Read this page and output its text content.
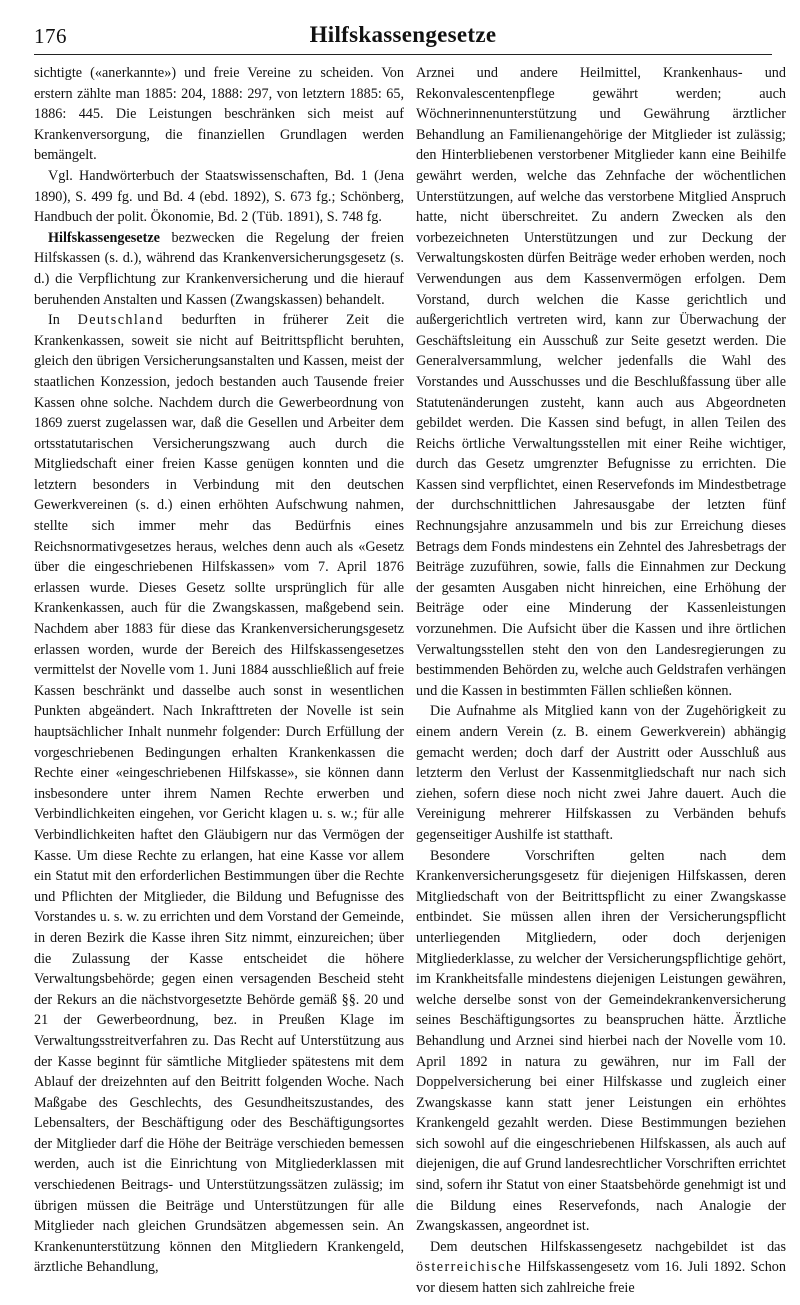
176	Hilfskassengesetze

sichtigte («anerkannte») und freie Vereine zu scheiden. Von erstern zählte man 1885: 204, 1888: 297, von letztern 1885: 65, 1886: 445. Die Leistungen beschränken sich meist auf Krankenversorgung, die finanziellen Grundlagen werden bemängelt.

Vgl. Handwörterbuch der Staatswissenschaften, Bd. 1 (Jena 1890), S. 499 fg. und Bd. 4 (ebd. 1892), S. 673 fg.; Schönberg, Handbuch der polit. Ökonomie, Bd. 2 (Tüb. 1891), S. 748 fg.

Hilfskassengesetze bezwecken die Regelung der freien Hilfskassen (s. d.), während das Krankenversicherungsgesetz (s. d.) die Verpflichtung zur Krankenversicherung und die hierauf beruhenden Anstalten und Kassen (Zwangskassen) behandelt.

In Deutschland bedurften in früherer Zeit die Krankenkassen, soweit sie nicht auf Beitrittspflicht beruhten, gleich den übrigen Versicherungsanstalten und Kassen, meist der staatlichen Konzession, jedoch bestanden auch Tausende freier Kassen ohne solche. Nachdem durch die Gewerbeordnung von 1869 zuerst zugelassen war, daß die Gesellen und Arbeiter dem ortsstatutarischen Versicherungszwang auch durch die Mitgliedschaft einer freien Kasse genügen konnten und die letztern besonders in Verbindung mit den deutschen Gewerkvereinen (s. d.) einen erhöhten Aufschwung nahmen, stellte sich immer mehr das Bedürfnis eines Reichsnormativgesetzes heraus, welches denn auch als «Gesetz über die eingeschriebenen Hilfskassen» vom 7. April 1876 erlassen wurde. Dieses Gesetz sollte ursprünglich für alle Krankenkassen, auch für die Zwangskassen, maßgebend sein. Nachdem aber 1883 für diese das Krankenversicherungsgesetz erlassen worden, wurde der Bereich des Hilfskassengesetzes vermittelst der Novelle vom 1. Juni 1884 ausschließlich auf freie Kassen beschränkt und dasselbe auch sonst in wesentlichen Punkten abgeändert. Nach Inkrafttreten der Novelle ist sein hauptsächlicher Inhalt nunmehr folgender: Durch Erfüllung der vorgeschriebenen Bedingungen erhalten Krankenkassen die Rechte einer «eingeschriebenen Hilfskasse», sie können dann insbesondere unter ihrem Namen Rechte erwerben und Verbindlichkeiten eingehen, vor Gericht klagen u. s. w.; für alle Verbindlichkeiten haftet den Gläubigern nur das Vermögen der Kasse. Um diese Rechte zu erlangen, hat eine Kasse vor allem ein Statut mit den erforderlichen Bestimmungen über die Rechte und Pflichten der Mitglieder, die Bildung und Befugnisse des Vorstandes u. s. w. zu errichten und dem Vorstand der Gemeinde, in deren Bezirk die Kasse ihren Sitz nimmt, einzureichen; über die Zulassung der Kasse entscheidet die höhere Verwaltungsbehörde; gegen einen versagenden Bescheid steht der Rekurs an die nächstvorgesetzte Behörde gemäß §§. 20 und 21 der Gewerbeordnung, bez. in Preußen Klage im Verwaltungsstreitverfahren zu. Das Recht auf Unterstützung aus der Kasse beginnt für sämtliche Mitglieder spätestens mit dem Ablauf der dreizehnten auf den Beitritt folgenden Woche. Nach Maßgabe des Geschlechts, des Gesundheitszustandes, des Lebensalters, der Beschäftigung oder des Beschäftigungsortes der Mitglieder darf die Höhe der Beiträge verschieden bemessen werden, auch ist die Einrichtung von Mitgliederklassen mit verschiedenen Beitrags- und Unterstützungssätzen zulässig; im übrigen müssen die Beiträge und Unterstützungen für alle Mitglieder nach gleichen Grundsätzen abgemessen sein. An Krankenunterstützung können den Mitgliedern Krankengeld, ärztliche Behandlung,

Arznei und andere Heilmittel, Krankenhaus- und Rekonvalescentenpflege gewährt werden; auch Wöchnerinnenunterstützung und Gewährung ärztlicher Behandlung an Familienangehörige der Mitglieder ist zulässig; den Hinterbliebenen verstorbener Mitglieder kann eine Beihilfe gewährt werden, welche das Zehnfache der wöchentlichen Unterstützungen, auf welche das verstorbene Mitglied Anspruch hatte, nicht überschreitet. Zu andern Zwecken als den vorbezeichneten Unterstützungen und zur Deckung der Verwaltungskosten dürfen Beiträge weder erhoben werden, noch Verwendungen aus dem Kassenvermögen erfolgen. Dem Vorstand, durch welchen die Kasse gerichtlich und außergerichtlich vertreten wird, kann zur Überwachung der Geschäftsleitung ein Ausschuß zur Seite gesetzt werden. Die Generalversammlung, welcher jedenfalls die Wahl des Vorstandes und Ausschusses und die Beschlußfassung über alle Statutenänderungen zusteht, kann auch aus Abgeordneten gebildet werden. Die Kassen sind befugt, in allen Teilen des Reichs örtliche Verwaltungsstellen mit einer Reihe wichtiger, durch das Gesetz umgrenzter Befugnisse zu errichten. Die Kassen sind verpflichtet, einen Reservefonds im Mindestbetrage der durchschnittlichen Jahresausgabe der letzten fünf Rechnungsjahre anzusammeln und bis zur Erreichung dieses Betrags dem Fonds mindestens ein Zehntel des Jahresbetrags der Beiträge zuzuführen, sowie, falls die Einnahmen zur Deckung der gesamten Ausgaben nicht hinreichen, eine Erhöhung der Beiträge oder eine Minderung der Kassenleistungen vorzunehmen. Die Aufsicht über die Kassen und ihre örtlichen Verwaltungsstellen steht den von den Landesregierungen zu bestimmenden Behörden zu, welche auch Geldstrafen verhängen und die Kassen in bestimmten Fällen schließen können.

Die Aufnahme als Mitglied kann von der Zugehörigkeit zu einem andern Verein (z. B. einem Gewerkverein) abhängig gemacht werden; doch darf der Austritt oder Ausschluß aus letzterm den Verlust der Kassenmitgliedschaft nur nach sich ziehen, sofern diese noch nicht zwei Jahre dauert. Auch die Vereinigung mehrerer Hilfskassen zu Verbänden behufs gegenseitiger Aushilfe ist statthaft.

Besondere Vorschriften gelten nach dem Krankenversicherungsgesetz für diejenigen Hilfskassen, deren Mitgliedschaft von der Beitrittspflicht zu einer Zwangskasse entbindet. Sie müssen allen ihren der Versicherungspflicht unterliegenden Mitgliedern, oder doch derjenigen Mitgliederklasse, zu welcher der Versicherungspflichtige gehört, im Krankheitsfalle mindestens diejenigen Leistungen gewähren, welche derselbe sonst von der Gemeindekrankenversicherung seines Beschäftigungsortes zu beanspruchen hätte. Ärztliche Behandlung und Arznei sind hierbei nach der Novelle vom 10. April 1892 in natura zu gewähren, nur im Fall der Doppelversicherung bei einer Hilfskasse und zugleich einer Zwangskasse kann statt jener Leistungen ein erhöhtes Krankengeld gezahlt werden. Diese Bestimmungen beziehen sich sowohl auf die eingeschriebenen Hilfskassen, als auch auf diejenigen, die auf Grund landesrechtlicher Vorschriften errichtet sind, sofern ihr Statut von einer Staatsbehörde genehmigt ist und die Bildung eines Reservefonds, nach Analogie der Zwangskassen, angeordnet ist.

Dem deutschen Hilfskassengesetz nachgebildet ist das österreichische Hilfskassengesetz vom 16. Juli 1892. Schon vor diesem hatten sich zahlreiche freie
